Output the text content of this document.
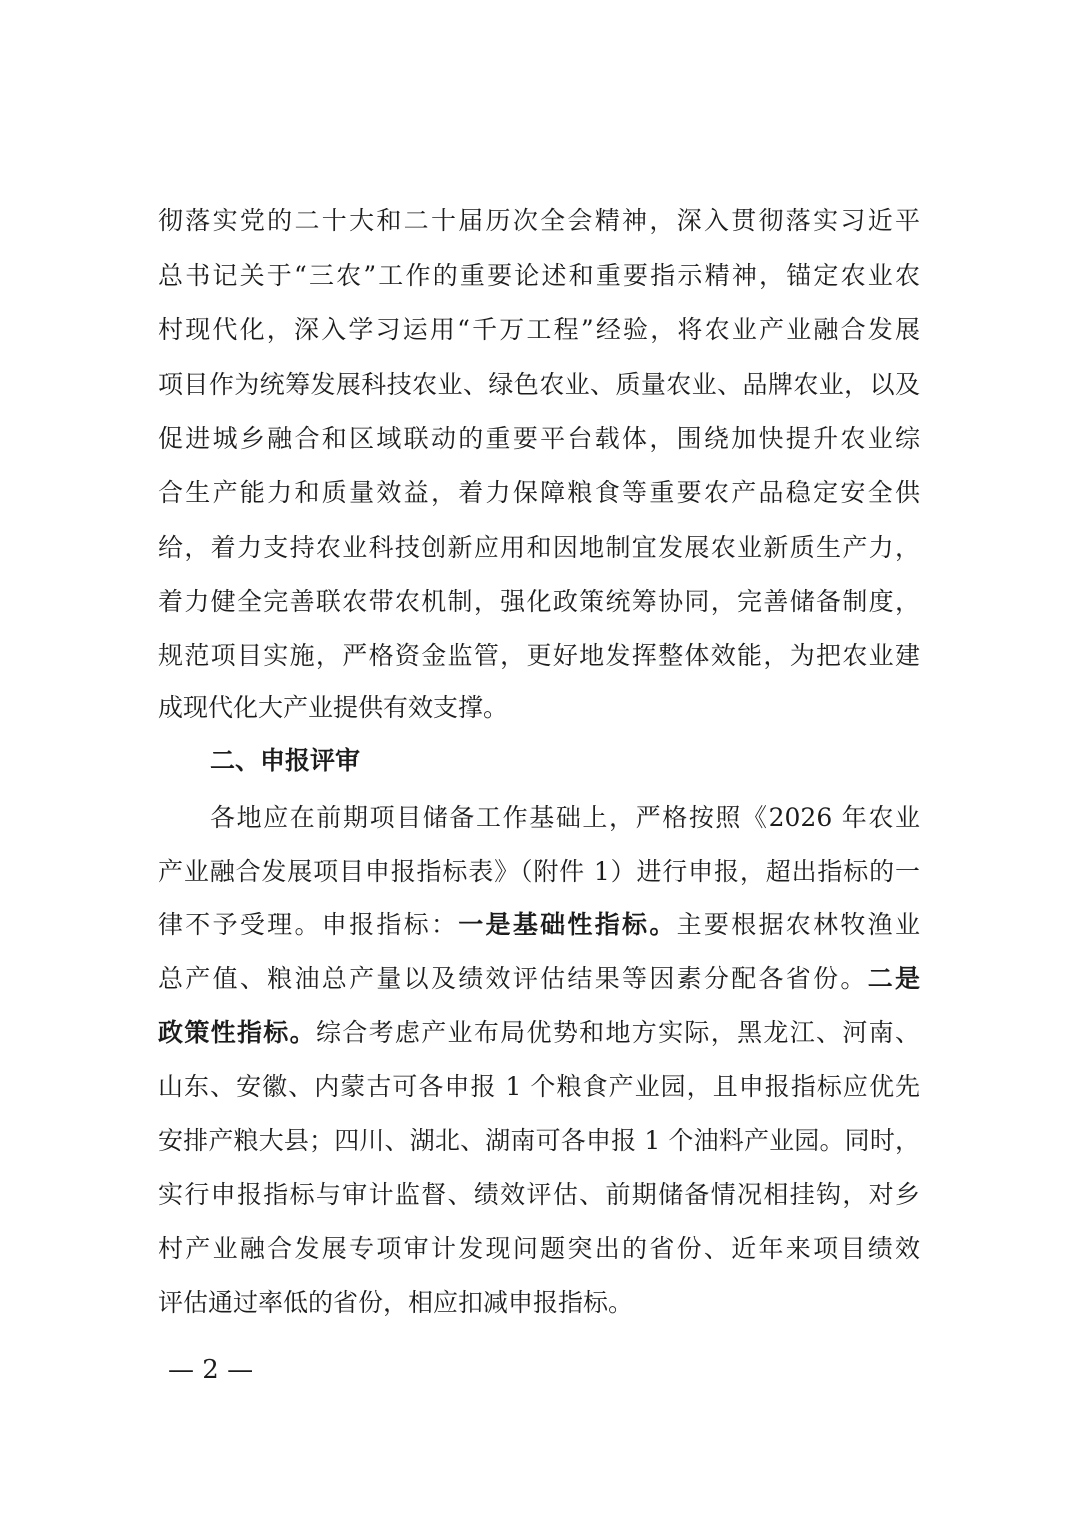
彻落实党的二十大和二十届历次全会精神，深入贯彻落实习近平
总书记关于“三农”工作的重要论述和重要指示精神，锚定农业农
村现代化，深入学习运用“千万工程”经验，将农业产业融合发展
项目作为统筹发展科技农业、绿色农业、质量农业、品牌农业，以及
促进城乡融合和区域联动的重要平台载体，围绕加快提升农业综
合生产能力和质量效益，着力保障粮食等重要农产品稳定安全供
给，着力支持农业科技创新应用和因地制宜发展农业新质生产力，
着力健全完善联农带农机制，强化政策统筹协同，完善储备制度，
规范项目实施，严格资金监管，更好地发挥整体效能，为把农业建
成现代化大产业提供有效支撑。
二、申报评审
各地应在前期项目储备工作基础上，严格按照《2026 年农业
产业融合发展项目申报指标表》（附件 1）进行申报，超出指标的一
律不予受理。申报指标：一是基础性指标。主要根据农林牧渔业
总产值、粮油总产量以及绩效评估结果等因素分配各省份。二是
政策性指标。综合考虑产业布局优势和地方实际，黑龙江、河南、
山东、安徽、内蒙古可各申报 1 个粮食产业园，且申报指标应优先
安排产粮大县；四川、湖北、湖南可各申报 1 个油料产业园。同时，
实行申报指标与审计监督、绩效评估、前期储备情况相挂钩，对乡
村产业融合发展专项审计发现问题突出的省份、近年来项目绩效
评估通过率低的省份，相应扣减申报指标。
— 2 —
